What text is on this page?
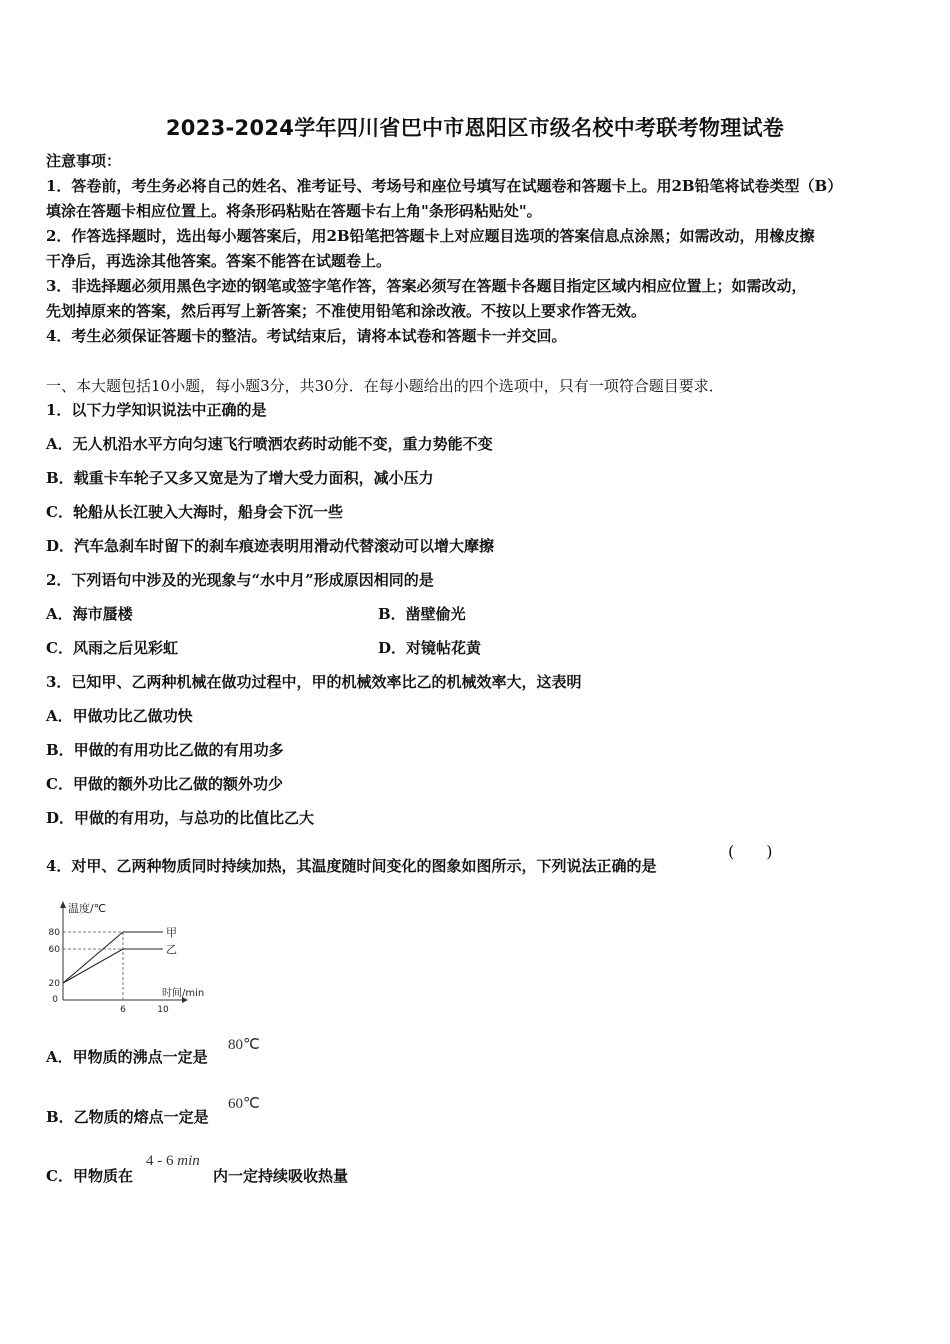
2023-2024学年四川省巴中市恩阳区市级名校中考联考物理试卷
注意事项：
1．答卷前，考生务必将自己的姓名、准考证号、考场号和座位号填写在试题卷和答题卡上。用2B铅笔将试卷类型（B）
填涂在答题卡相应位置上。将条形码粘贴在答题卡右上角"条形码粘贴处"。
2．作答选择题时，选出每小题答案后，用2B铅笔把答题卡上对应题目选项的答案信息点涂黑；如需改动，用橡皮擦
干净后，再选涂其他答案。答案不能答在试题卷上。
3．非选择题必须用黑色字迹的钢笔或签字笔作答，答案必须写在答题卡各题目指定区域内相应位置上；如需改动，
先划掉原来的答案，然后再写上新答案；不准使用铅笔和涂改液。不按以上要求作答无效。
4．考生必须保证答题卡的整洁。考试结束后，请将本试卷和答题卡一并交回。
一、本大题包括10小题，每小题3分，共30分．在每小题给出的四个选项中，只有一项符合题目要求．
1．以下力学知识说法中正确的是
A．无人机沿水平方向匀速飞行喷洒农药时动能不变，重力势能不变
B．载重卡车轮子又多又宽是为了增大受力面积，减小压力
C．轮船从长江驶入大海时，船身会下沉一些
D．汽车急刹车时留下的刹车痕迹表明用滑动代替滚动可以增大摩擦
2．下列语句中涉及的光现象与“水中月”形成原因相同的是
A．海市蜃楼	B．凿壁偷光
C．风雨之后见彩虹	D．对镜帖花黄
3．已知甲、乙两种机械在做功过程中，甲的机械效率比乙的机械效率大，这表明
A．甲做功比乙做功快
B．甲做的有用功比乙做的有用功多
C．甲做的额外功比乙做的额外功少
D．甲做的有用功，与总功的比值比乙大
4．对甲、乙两种物质同时持续加热，其温度随时间变化的图象如图所示，下列说法正确的是
(　　)
温度/℃
时间/min
80
60
20
0
6	10
甲
乙
A．甲物质的沸点一定是
80℃
B．乙物质的熔点一定是
60℃
C．甲物质在
4 - 6 min
内一定持续吸收热量
